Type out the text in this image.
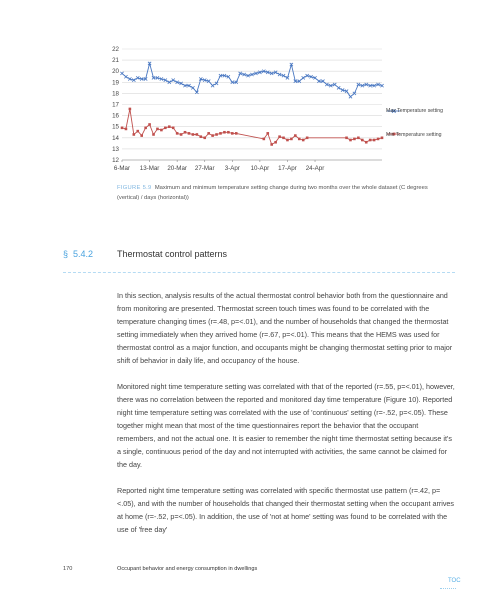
12
13
14
15
16
17
18
19
20
21
22
6-Mar 13-Mar 20-Mar 27-Mar 3-Apr 10-Apr 17-Apr 24-Apr
Max Temperature setting
Min Temperature setting
FIGURE 5.9 Maximum and minimum temperature setting change during two months over the whole dataset (C degrees (vertical) / days (horizontal))
§ 5.4.2	Thermostat control patterns

In this section, analysis results of the actual thermostat control behavior both from the questionnaire and from monitoring are presented. Thermostat screen touch times was found to be correlated with the temperature changing times (r=.48, p=<.01), and the number of households that changed the thermostat setting immediately when they arrived home (r=.67, p=<.01). This means that the HEMS was used for thermostat control as a major function, and occupants might be changing thermostat setting prior to major shift of behavior in daily life, and occupancy of the house.

Monitored night time temperature setting was correlated with that of the reported (r=.55, p=<.01), however, there was no correlation between the reported and monitored day time temperature (Figure 10). Reported night time temperature setting was correlated with the use of 'continuous' setting (r=-.52, p=<.05). These together might mean that most of the time questionnaires report the behavior that the occupant remembers, and not the actual one. It is easier to remember the night time thermostat setting because it's a single, continuous period of the day and not interrupted with activities, the same cannot be claimed for the day.

Reported night time temperature setting was correlated with specific thermostat use pattern (r=.42, p=<.05), and with the number of households that changed their thermostat setting when the occupant arrives at home (r=-.52, p=<.05). In addition, the use of 'not at home' setting was found to be correlated with the use of 'free day'

170	Occupant behavior and energy consumption in dwellings
TOC
